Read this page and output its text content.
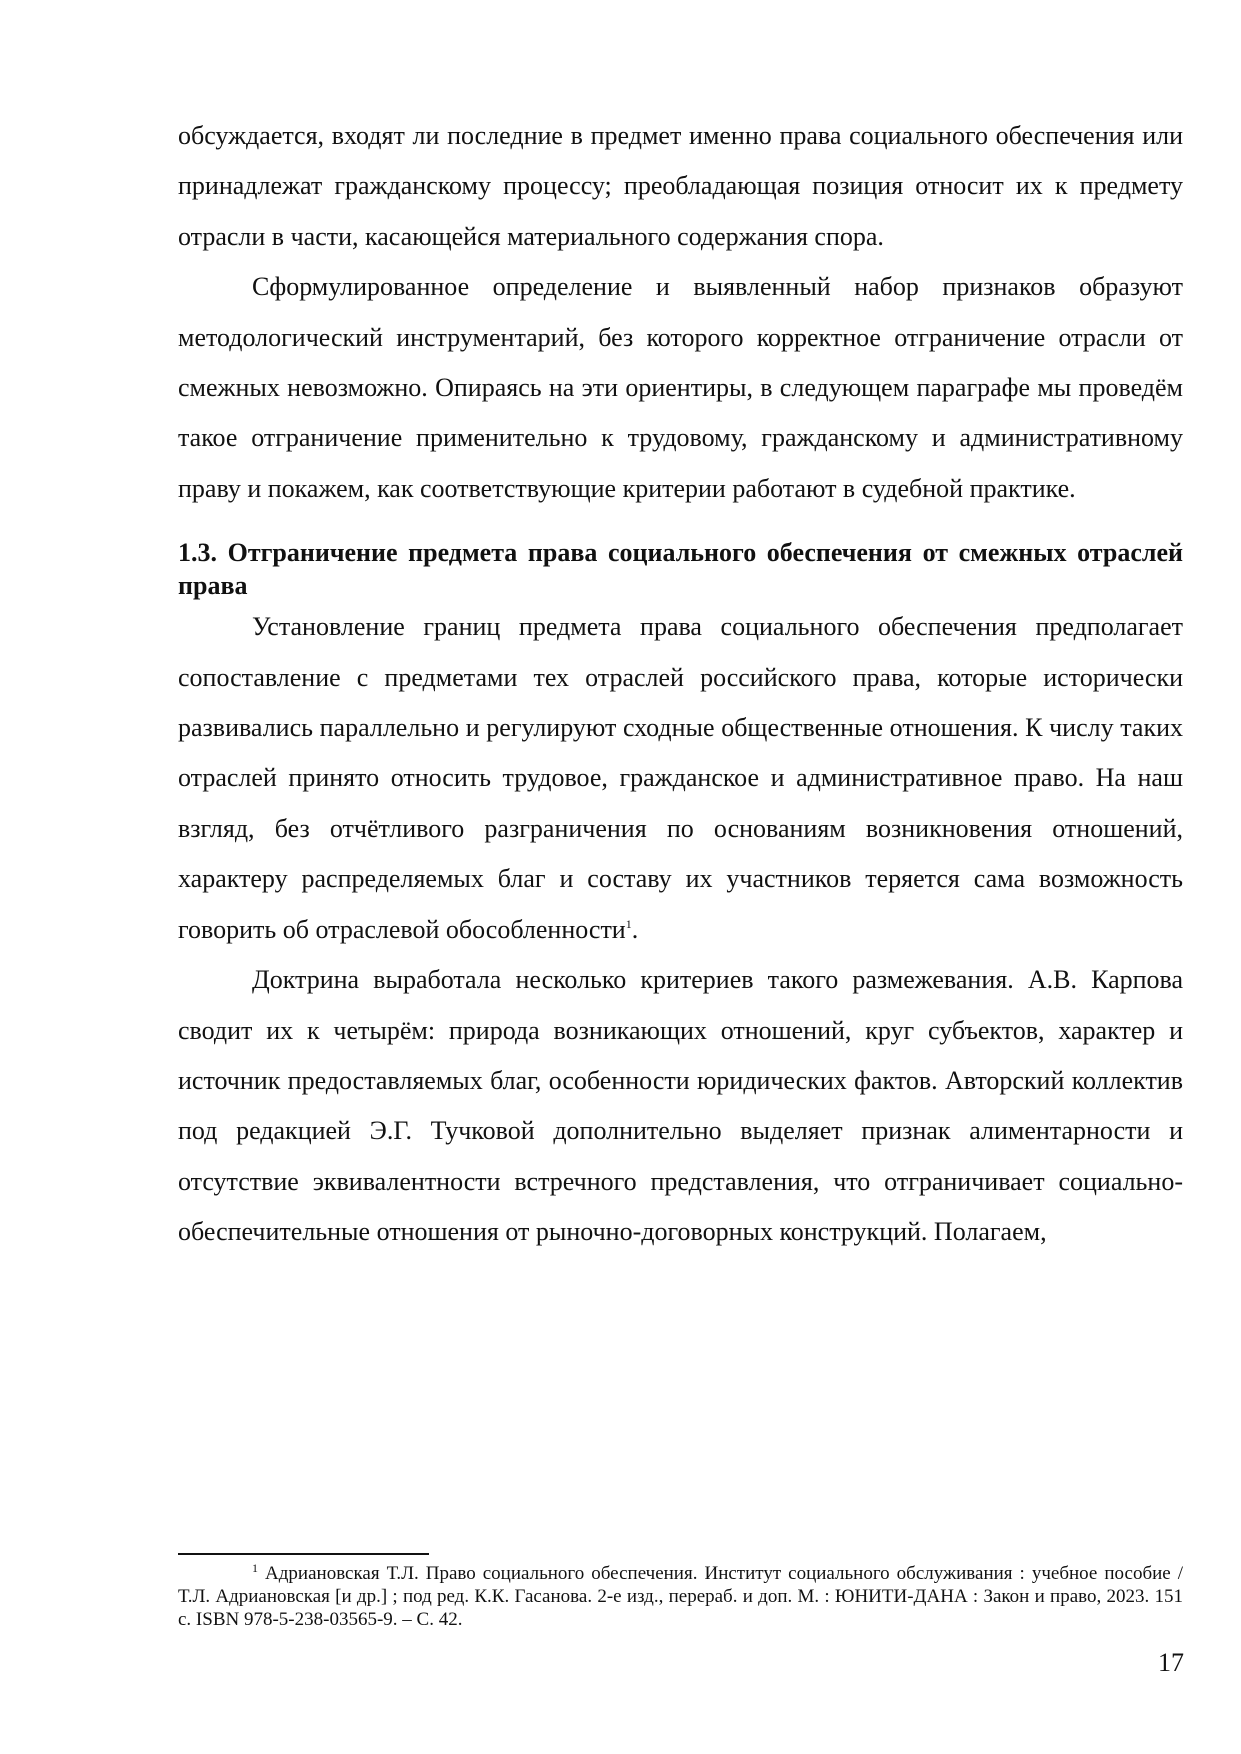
обсуждается, входят ли последние в предмет именно права социального обеспечения или принадлежат гражданскому процессу; преобладающая позиция относит их к предмету отрасли в части, касающейся материального содержания спора.

Сформулированное определение и выявленный набор признаков образуют методологический инструментарий, без которого корректное отграничение отрасли от смежных невозможно. Опираясь на эти ориентиры, в следующем параграфе мы проведём такое отграничение применительно к трудовому, гражданскому и административному праву и покажем, как соответствующие критерии работают в судебной практике.

1.3. Отграничение предмета права социального обеспечения от смежных отраслей права

Установление границ предмета права социального обеспечения предполагает сопоставление с предметами тех отраслей российского права, которые исторически развивались параллельно и регулируют сходные общественные отношения. К числу таких отраслей принято относить трудовое, гражданское и административное право. На наш взгляд, без отчётливого разграничения по основаниям возникновения отношений, характеру распределяемых благ и составу их участников теряется сама возможность говорить об отраслевой обособленности$^1$.

Доктрина выработала несколько критериев такого размежевания. А.В. Карпова сводит их к четырём: природа возникающих отношений, круг субъектов, характер и источник предоставляемых благ, особенности юридических фактов. Авторский коллектив под редакцией Э.Г. Тучковой дополнительно выделяет признак алиментарности и отсутствие эквивалентности встречного представления, что отграничивает социально-обеспечительные отношения от рыночно-договорных конструкций. Полагаем,

$^1$ Адриановская Т.Л. Право социального обеспечения. Институт социального обслуживания : учебное пособие / Т.Л. Адриановская [и др.] ; под ред. К.К. Гасанова. 2-е изд., перераб. и доп. М. : ЮНИТИ-ДАНА : Закон и право, 2023. 151 с. ISBN 978-5-238-03565-9. – С. 42.

17
